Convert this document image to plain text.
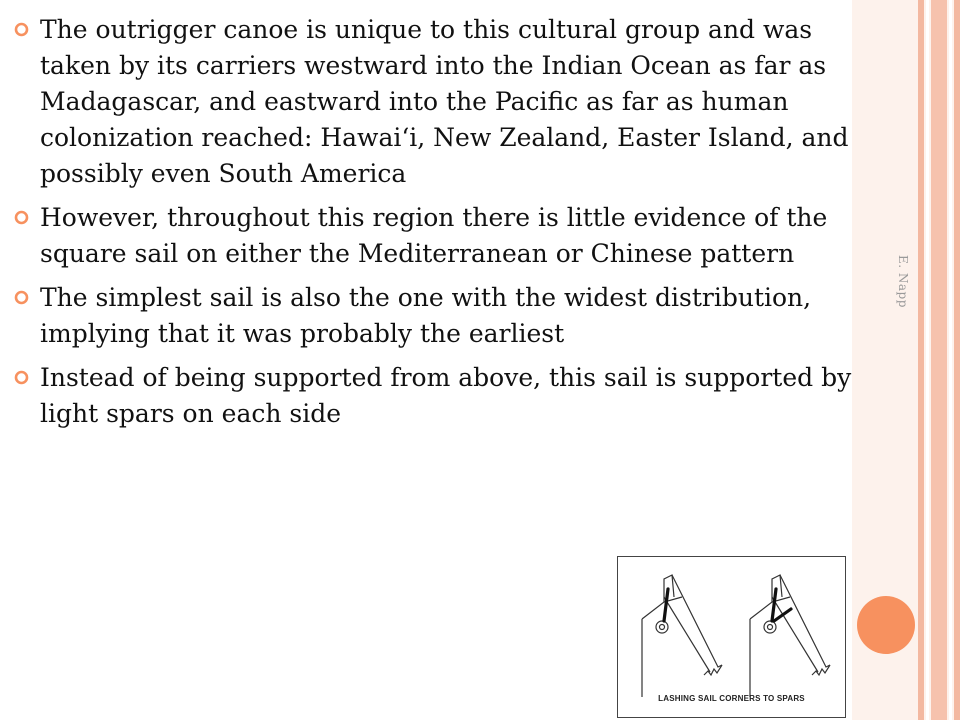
E. Napp
The outrigger canoe is unique to this cultural group and was taken by its carriers westward into the Indian Ocean as far as Madagascar, and eastward into the Pacific as far as human colonization reached: Hawai‘i, New Zealand, Easter Island, and possibly even South America
However, throughout this region there is little evidence of the square sail on either the Mediterranean or Chinese pattern
The simplest sail is also the one with the widest distribution, implying that it was probably the earliest
Instead of being supported from above, this sail is supported by light spars on each side
LASHING SAIL CORNERS TO SPARS
